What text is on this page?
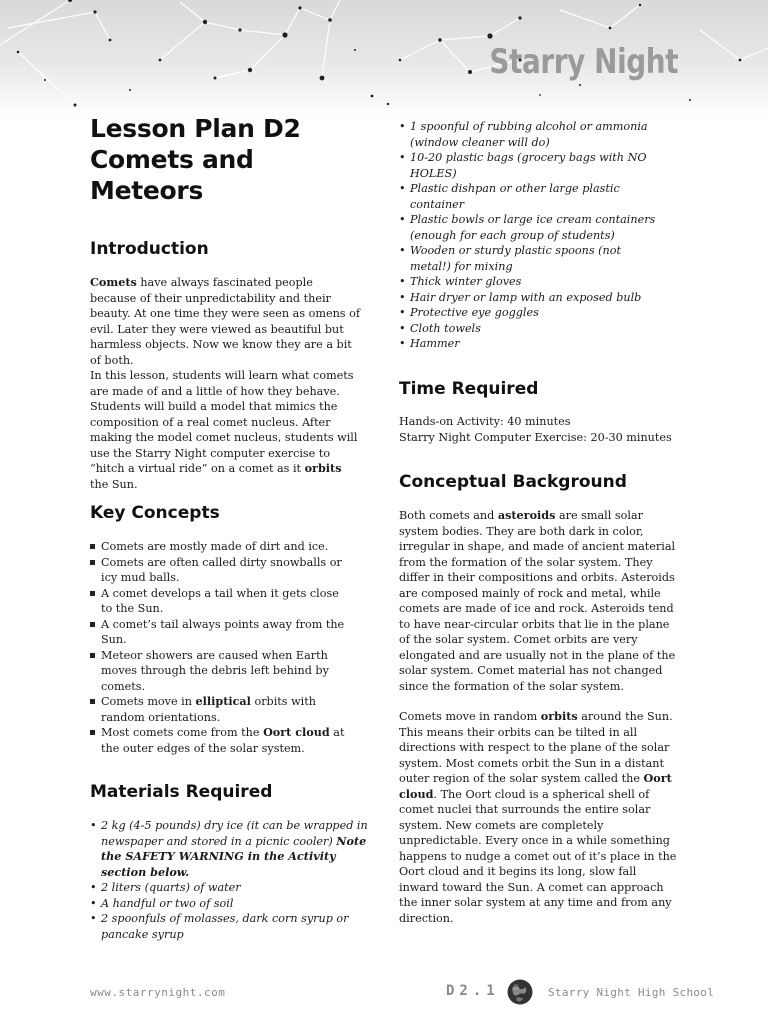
Starry Night
Lesson Plan D2
Comets and
Meteors
Introduction

Comets have always fascinated people because of their unpredictability and their beauty. At one time they were seen as omens of evil. Later they were viewed as beautiful but harmless objects. Now we know they are a bit of both.

In this lesson, students will learn what comets are made of and a little of how they behave. Students will build a model that mimics the composition of a real comet nucleus. After making the model comet nucleus, students will use the Starry Night computer exercise to “hitch a virtual ride” on a comet as it orbits the Sun.

Key Concepts
Comets are mostly made of dirt and ice.
Comets are often called dirty snowballs or icy mud balls.
A comet develops a tail when it gets close to the Sun.
A comet’s tail always points away from the Sun.
Meteor showers are caused when Earth moves through the debris left behind by comets.
Comets move in elliptical orbits with random orientations.
Most comets come from the Oort cloud at the outer edges of the solar system.
Materials Required
• 2 kg (4-5 pounds) dry ice (it can be wrapped in newspaper and stored in a picnic cooler) Note the SAFETY WARNING in the Activity section below.
• 2 liters (quarts) of water
• A handful or two of soil
• 2 spoonfuls of molasses, dark corn syrup or pancake syrup
• 1 spoonful of rubbing alcohol or ammonia (window cleaner will do)
• 10-20 plastic bags (grocery bags with NO HOLES)
• Plastic dishpan or other large plastic container
• Plastic bowls or large ice cream containers (enough for each group of students)
• Wooden or sturdy plastic spoons (not metal!) for mixing
• Thick winter gloves
• Hair dryer or lamp with an exposed bulb
• Protective eye goggles
• Cloth towels
• Hammer
Time Required

Hands-on Activity: 40 minutes

Starry Night Computer Exercise: 20-30 minutes

Conceptual Background

Both comets and asteroids are small solar system bodies. They are both dark in color, irregular in shape, and made of ancient material from the formation of the solar system. They differ in their compositions and orbits. Asteroids are composed mainly of rock and metal, while comets are made of ice and rock. Asteroids tend to have near-circular orbits that lie in the plane of the solar system. Comet orbits are very elongated and are usually not in the plane of the solar system. Comet material has not changed since the formation of the solar system.

Comets move in random orbits around the Sun. This means their orbits can be tilted in all directions with respect to the plane of the solar system. Most comets orbit the Sun in a distant outer region of the solar system called the Oort cloud. The Oort cloud is a spherical shell of comet nuclei that surrounds the entire solar system. New comets are completely unpredictable. Every once in a while something happens to nudge a comet out of it’s place in the Oort cloud and it begins its long, slow fall inward toward the Sun. A comet can approach the inner solar system at any time and from any direction.

www.starrynight.com	D2.1	Starry Night High School
